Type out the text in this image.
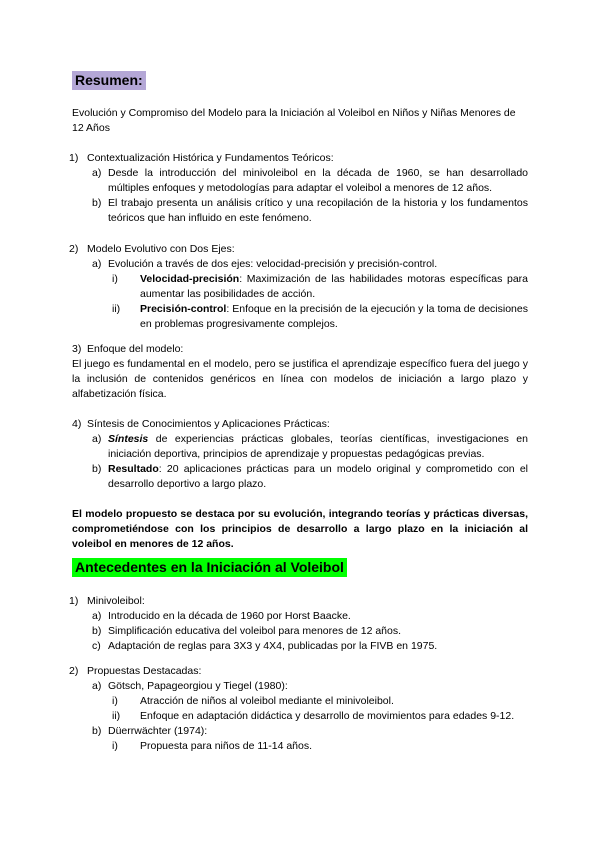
Resumen:

Evolución y Compromiso del Modelo para la Iniciación al Voleibol en Niños y Niñas Menores de 12 Años

1) Contextualización Histórica y Fundamentos Teóricos:
a) Desde la introducción del minivoleibol en la década de 1960, se han desarrollado múltiples enfoques y metodologías para adaptar el voleibol a menores de 12 años.
b) El trabajo presenta un análisis crítico y una recopilación de la historia y los fundamentos teóricos que han influido en este fenómeno.
2) Modelo Evolutivo con Dos Ejes:
a) Evolución a través de dos ejes: velocidad-precisión y precisión-control.
i)	Velocidad-precisión: Maximización de las habilidades motoras específicas para aumentar las posibilidades de acción.
ii)	Precisión-control: Enfoque en la precisión de la ejecución y la toma de decisiones en problemas progresivamente complejos.
3) Enfoque del modelo:

El juego es fundamental en el modelo, pero se justifica el aprendizaje específico fuera del juego y la inclusión de contenidos genéricos en línea con modelos de iniciación a largo plazo y alfabetización física.

4) Síntesis de Conocimientos y Aplicaciones Prácticas:
a) Síntesis de experiencias prácticas globales, teorías científicas, investigaciones en iniciación deportiva, principios de aprendizaje y propuestas pedagógicas previas.
b) Resultado: 20 aplicaciones prácticas para un modelo original y comprometido con el desarrollo deportivo a largo plazo.

El modelo propuesto se destaca por su evolución, integrando teorías y prácticas diversas, comprometiéndose con los principios de desarrollo a largo plazo en la iniciación al voleibol en menores de 12 años.

Antecedentes en la Iniciación al Voleibol
1) Minivoleibol:
a) Introducido en la década de 1960 por Horst Baacke.
b) Simplificación educativa del voleibol para menores de 12 años.
c) Adaptación de reglas para 3X3 y 4X4, publicadas por la FIVB en 1975.
2) Propuestas Destacadas:
a) Götsch, Papageorgiou y Tiegel (1980):
i)	Atracción de niños al voleibol mediante el minivoleibol.
ii)	Enfoque en adaptación didáctica y desarrollo de movimientos para edades 9-12.
b) Düerrwächter (1974):
i)	Propuesta para niños de 11-14 años.
